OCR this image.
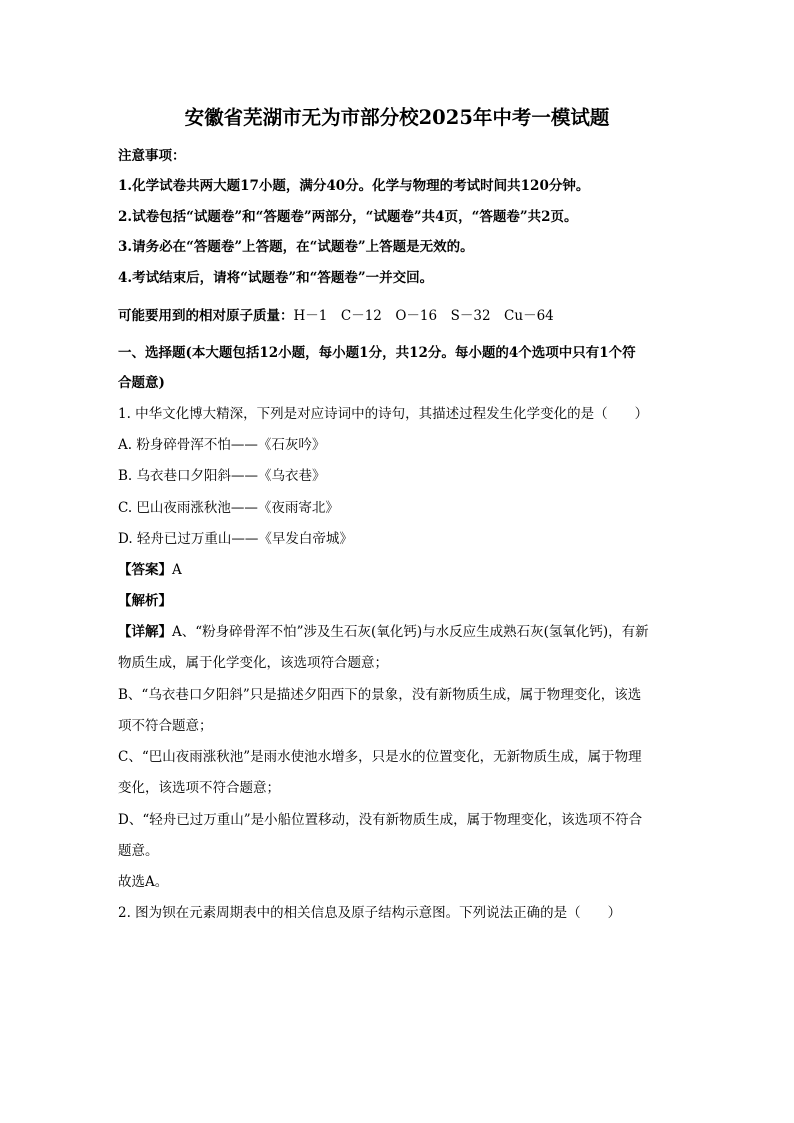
安徽省芜湖市无为市部分校2025年中考一模试题
注意事项：
1.化学试卷共两大题17小题，满分40分。化学与物理的考试时间共120分钟。
2.试卷包括“试题卷”和“答题卷”两部分，“试题卷”共4页，“答题卷”共2页。
3.请务必在“答题卷”上答题，在“试题卷”上答题是无效的。
4.考试结束后，请将“试题卷”和“答题卷”一并交回。
可能要用到的相对原子质量：H－1　C－12　O－16　S－32　Cu－64
一、选择题(本大题包括12小题，每小题1分，共12分。每小题的4个选项中只有1个符
合题意)
1. 中华文化博大精深，下列是对应诗词中的诗句，其描述过程发生化学变化的是（　　）
A. 粉身碎骨浑不怕——《石灰吟》
B. 乌衣巷口夕阳斜——《乌衣巷》
C. 巴山夜雨涨秋池——《夜雨寄北》
D. 轻舟已过万重山——《早发白帝城》
【答案】A
【解析】
【详解】A、“粉身碎骨浑不怕”涉及生石灰(氧化钙)与水反应生成熟石灰(氢氧化钙)，有新
物质生成，属于化学变化，该选项符合题意；
B、“乌衣巷口夕阳斜”只是描述夕阳西下的景象，没有新物质生成，属于物理变化，该选
项不符合题意；
C、“巴山夜雨涨秋池”是雨水使池水增多，只是水的位置变化，无新物质生成，属于物理
变化，该选项不符合题意；
D、“轻舟已过万重山”是小船位置移动，没有新物质生成，属于物理变化，该选项不符合
题意。
故选A。
2. 图为钡在元素周期表中的相关信息及原子结构示意图。下列说法正确的是（　　）
